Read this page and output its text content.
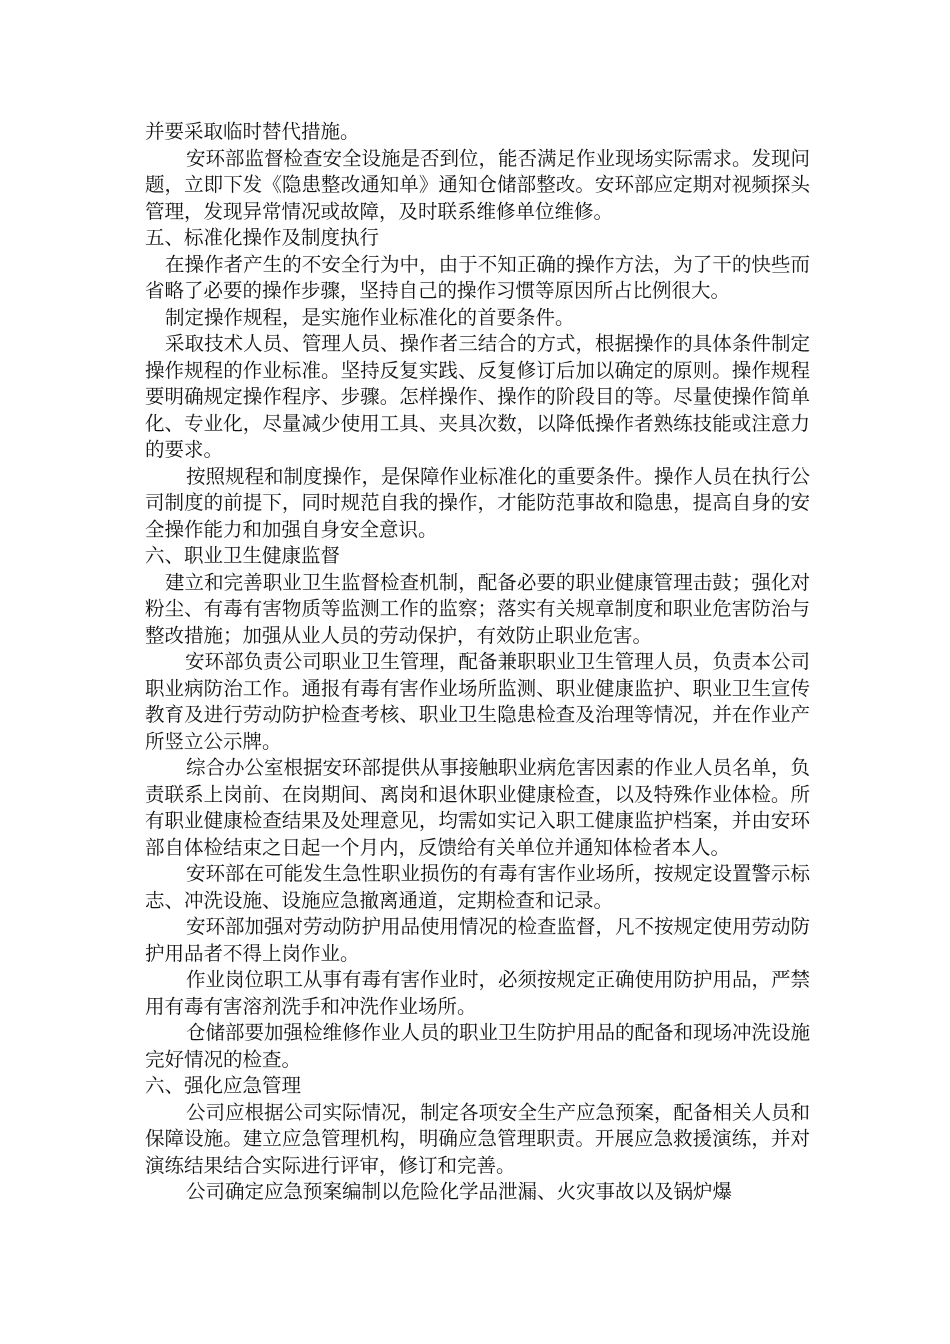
并要采取临时替代措施。

安环部监督检查安全设施是否到位，能否满足作业现场实际需求。发现问题，立即下发《隐患整改通知单》通知仓储部整改。安环部应定期对视频探头管理，发现异常情况或故障，及时联系维修单位维修。

五、标准化操作及制度执行

在操作者产生的不安全行为中，由于不知正确的操作方法，为了干的快些而省略了必要的操作步骤，坚持自己的操作习惯等原因所占比例很大。

制定操作规程，是实施作业标准化的首要条件。

采取技术人员、管理人员、操作者三结合的方式，根据操作的具体条件制定操作规程的作业标准。坚持反复实践、反复修订后加以确定的原则。操作规程要明确规定操作程序、步骤。怎样操作、操作的阶段目的等。尽量使操作简单化、专业化，尽量减少使用工具、夹具次数，以降低操作者熟练技能或注意力的要求。

按照规程和制度操作，是保障作业标准化的重要条件。操作人员在执行公司制度的前提下，同时规范自我的操作，才能防范事故和隐患，提高自身的安全操作能力和加强自身安全意识。

六、职业卫生健康监督

建立和完善职业卫生监督检查机制，配备必要的职业健康管理击鼓；强化对粉尘、有毒有害物质等监测工作的监察；落实有关规章制度和职业危害防治与整改措施；加强从业人员的劳动保护，有效防止职业危害。

安环部负责公司职业卫生管理，配备兼职职业卫生管理人员，负责本公司职业病防治工作。通报有毒有害作业场所监测、职业健康监护、职业卫生宣传教育及进行劳动防护检查考核、职业卫生隐患检查及治理等情况，并在作业产所竖立公示牌。

综合办公室根据安环部提供从事接触职业病危害因素的作业人员名单，负责联系上岗前、在岗期间、离岗和退休职业健康检查，以及特殊作业体检。所有职业健康检查结果及处理意见，均需如实记入职工健康监护档案，并由安环部自体检结束之日起一个月内，反馈给有关单位并通知体检者本人。

安环部在可能发生急性职业损伤的有毒有害作业场所，按规定设置警示标志、冲洗设施、设施应急撤离通道，定期检查和记录。

安环部加强对劳动防护用品使用情况的检查监督，凡不按规定使用劳动防护用品者不得上岗作业。

作业岗位职工从事有毒有害作业时，必须按规定正确使用防护用品，严禁用有毒有害溶剂洗手和冲洗作业场所。

仓储部要加强检维修作业人员的职业卫生防护用品的配备和现场冲洗设施完好情况的检查。

六、强化应急管理

公司应根据公司实际情况，制定各项安全生产应急预案，配备相关人员和保障设施。建立应急管理机构，明确应急管理职责。开展应急救援演练，并对演练结果结合实际进行评审，修订和完善。

公司确定应急预案编制以危险化学品泄漏、火灾事故以及锅炉爆
